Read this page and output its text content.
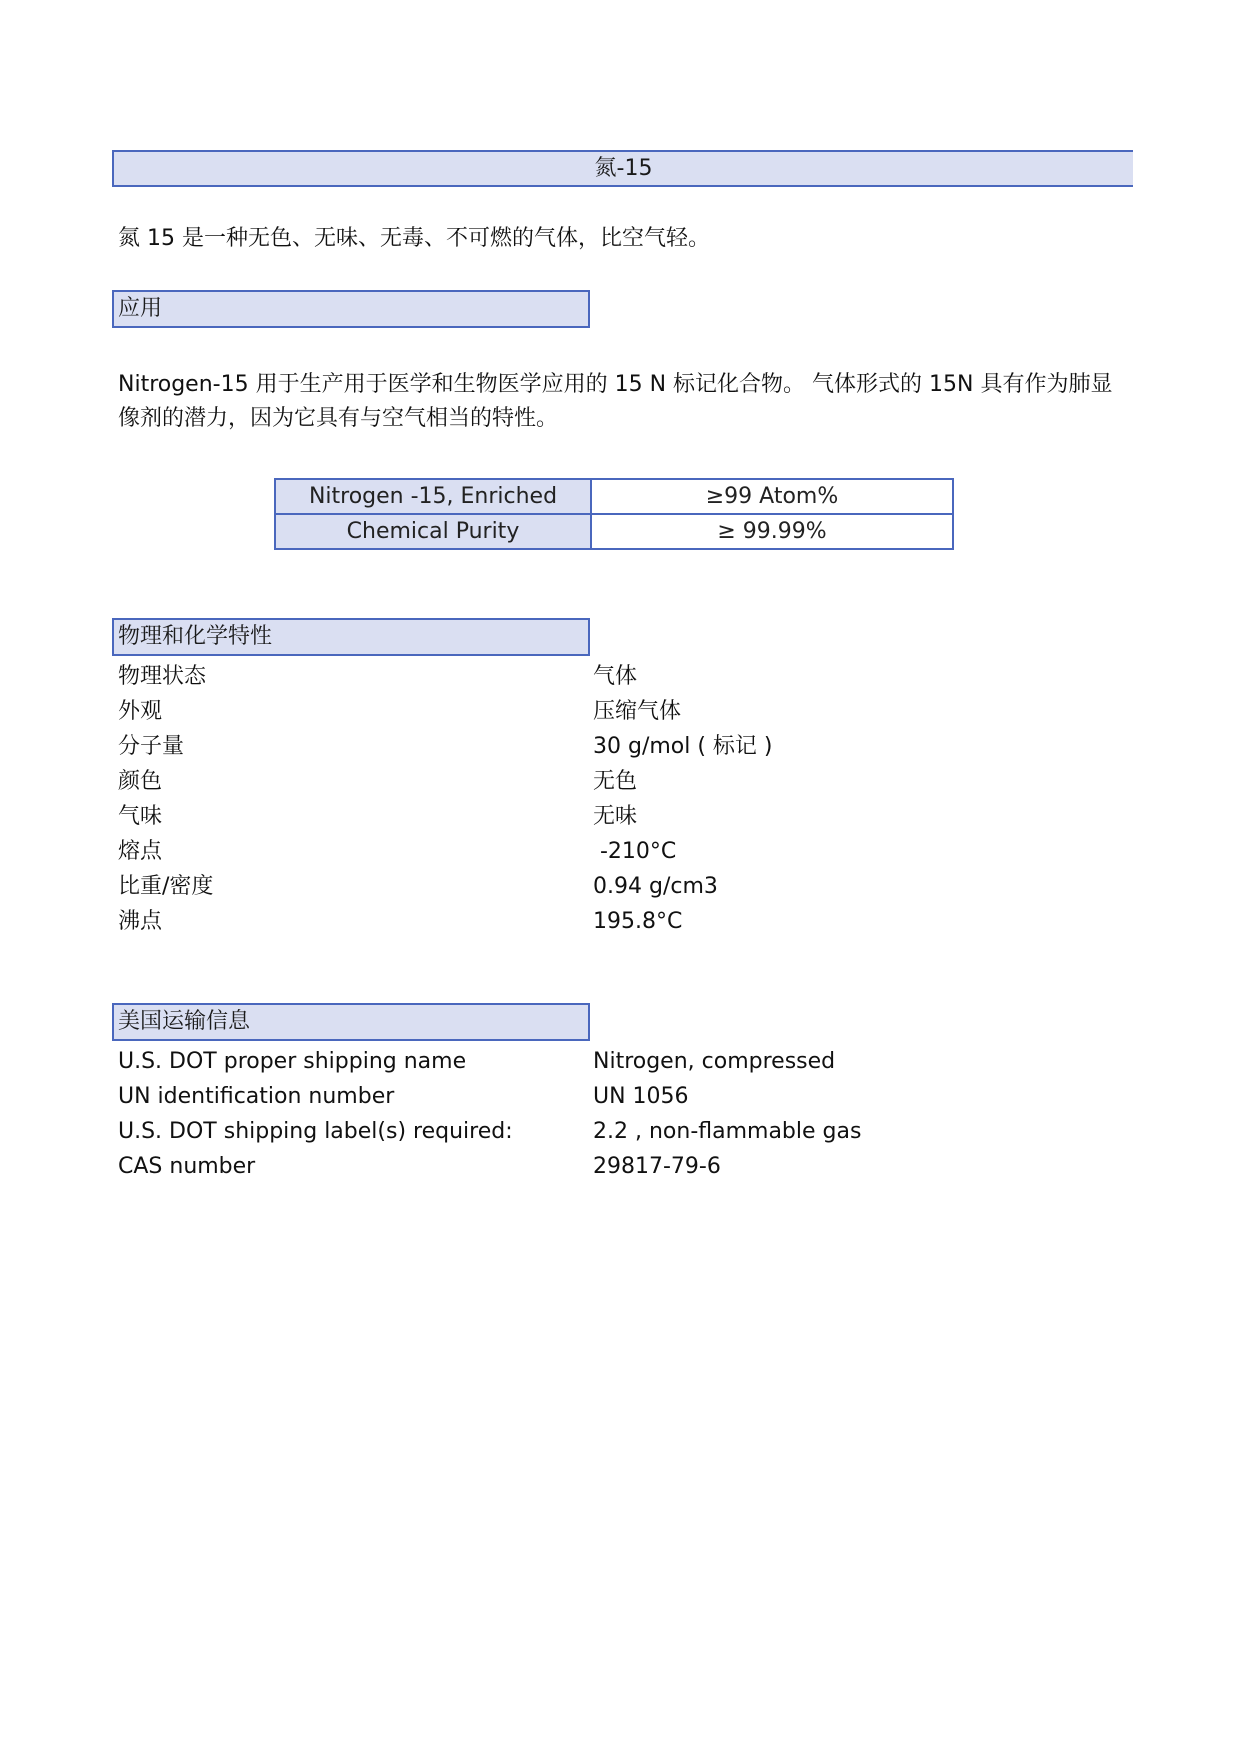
氮-15
氮 15 是一种无色、无味、无毒、不可燃的气体，比空气轻。
应用
Nitrogen-15 用于生产用于医学和生物医学应用的 15 N 标记化合物。 气体形式的 15N 具有作为肺显像剂的潜力，因为它具有与空气相当的特性。
Nitrogen -15, Enriched	≥99 Atom%
Chemical Purity	≥ 99.99%
物理和化学特性
物理状态	气体
外观	压缩气体
分子量	30 g/mol ( 标记 )
颜色	无色
气味	无味
熔点	-210°C
比重/密度	0.94 g/cm3
沸点	195.8°C
美国运输信息
U.S. DOT proper shipping name	Nitrogen, compressed
UN identification number	UN 1056
U.S. DOT shipping label(s) required:	2.2 , non-flammable gas
CAS number	29817-79-6
